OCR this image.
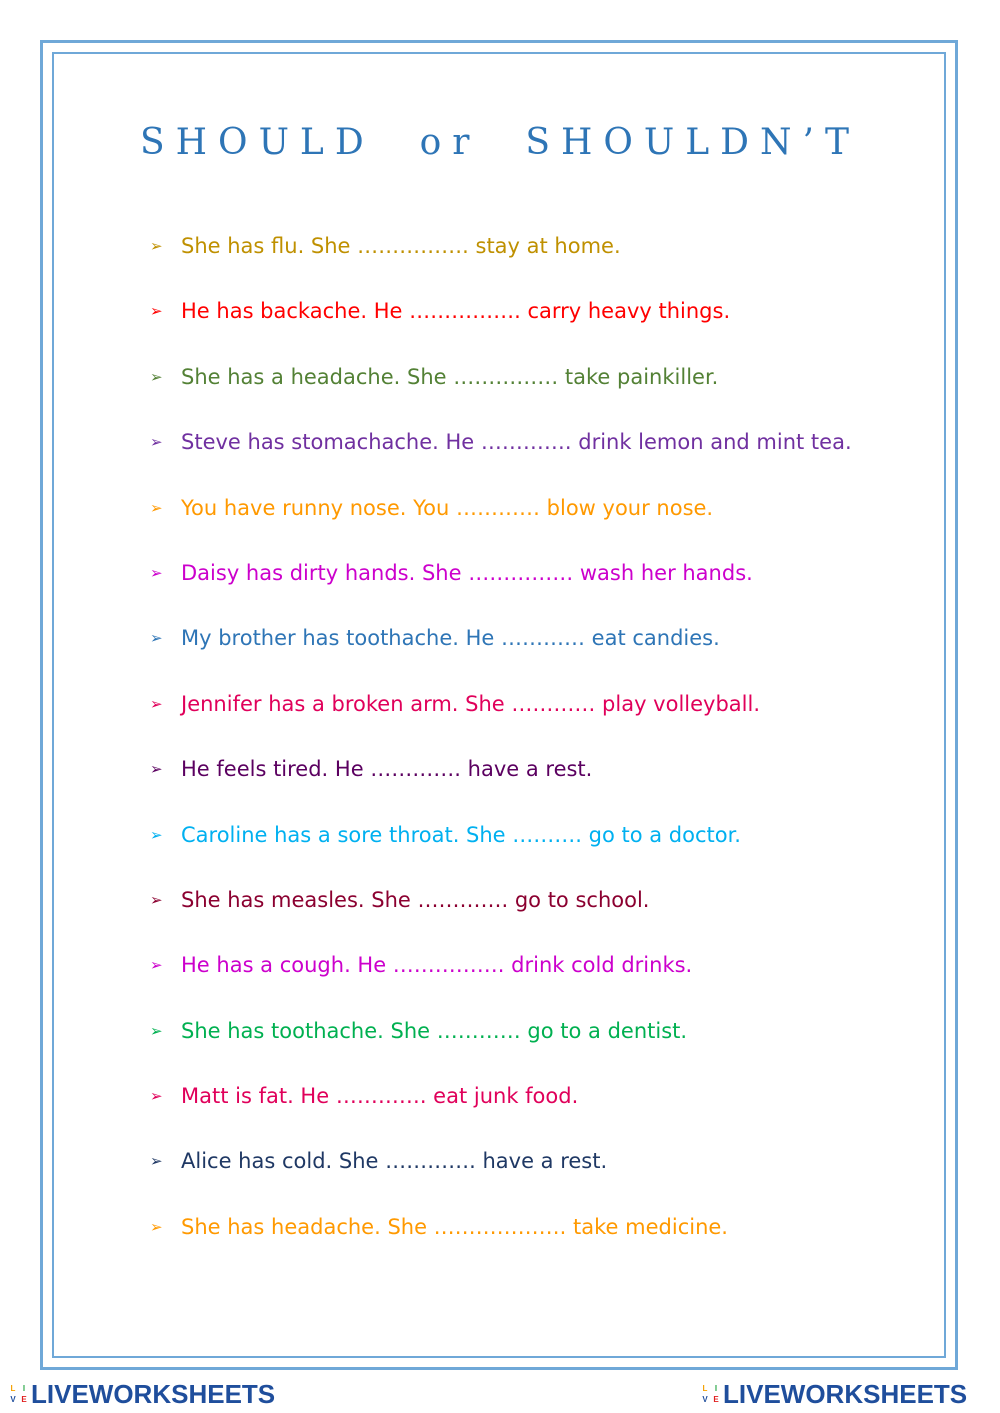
SHOULD  or  SHOULDN’T
➢ She has flu. She ……………. stay at home.
➢ He has backache. He ……………. carry heavy things.
➢ She has a headache. She …………… take painkiller.
➢ Steve has stomachache. He …………. drink lemon and mint tea.
➢ You have runny nose. You ………… blow your nose.
➢ Daisy has dirty hands. She …………… wash her hands.
➢ My brother has toothache. He ………… eat candies.
➢ Jennifer has a broken arm. She ………… play volleyball.
➢ He feels tired. He …………. have a rest.
➢ Caroline has a sore throat. She ………. go to a doctor.
➢ She has measles. She …………. go to school.
➢ He has a cough. He ……………. drink cold drinks.
➢ She has toothache. She ………… go to a dentist.
➢ Matt is fat. He …………. eat junk food.
➢ Alice has cold. She …………. have a rest.
➢ She has headache. She ………………. take medicine.
L I
V E LIVEWORKSHEETS	L I
V E LIVEWORKSHEETS
